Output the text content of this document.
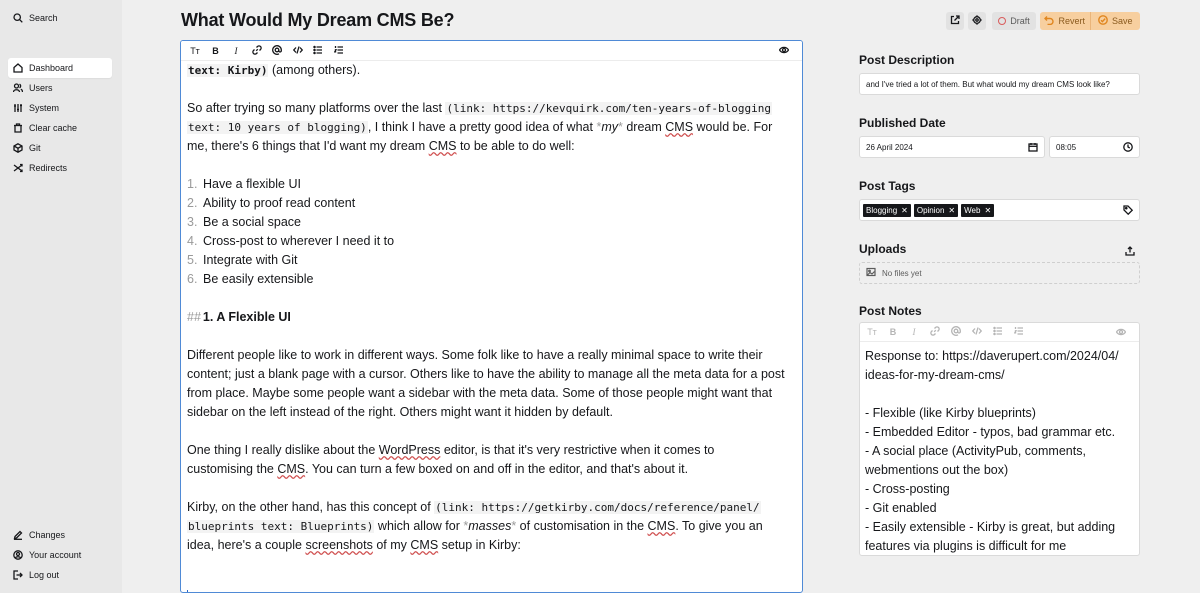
Search
Dashboard
Users
System
Clear cache
Git
Redirects
Changes
Your account
Log out
What Would My Dream CMS Be?	Draft	Revert	Save
Tт	B	I
text: Kirby) (among others).
So after trying so many platforms over the last (link: https://kevquirk.com/ten-years-of-blogging
text: 10 years of blogging), I think I have a pretty good idea of what *my* dream CMS would be. For
me, there's 6 things that I'd want my dream CMS to be able to do well:
1. Have a flexible UI
2. Ability to proof read content
3. Be a social space
4. Cross-post to wherever I need it to
5. Integrate with Git
6. Be easily extensible
## 1. A Flexible UI
Different people like to work in different ways. Some folk like to have a really minimal space to write their
content; just a blank page with a cursor. Others like to have the ability to manage all the meta data for a post
from place. Maybe some people want a sidebar with the meta data. Some of those people might want that
sidebar on the left instead of the right. Others might want it hidden by default.
One thing I really dislike about the WordPress editor, is that it's very restrictive when it comes to
customising the CMS. You can turn a few boxed on and off in the editor, and that's about it.
Kirby, on the other hand, has this concept of (link: https://getkirby.com/docs/reference/panel/
blueprints text: Blueprints) which allow for *masses* of customisation in the CMS. To give you an
idea, here's a couple screenshots of my CMS setup in Kirby:
Post Description
and I've tried a lot of them. But what would my dream CMS look like?
Published Date
26 April 2024	08:05
Post Tags
Blogging ✕ Opinion ✕ Web ✕
Uploads
No files yet
Post Notes
Tт	B	I
Response to: https://daverupert.com/2024/04/
ideas-for-my-dream-cms/
- Flexible (like Kirby blueprints)
- Embedded Editor - typos, bad grammar etc.
- A social place (ActivityPub, comments,
webmentions out the box)
- Cross-posting
- Git enabled
- Easily extensible - Kirby is great, but adding
features via plugins is difficult for me
